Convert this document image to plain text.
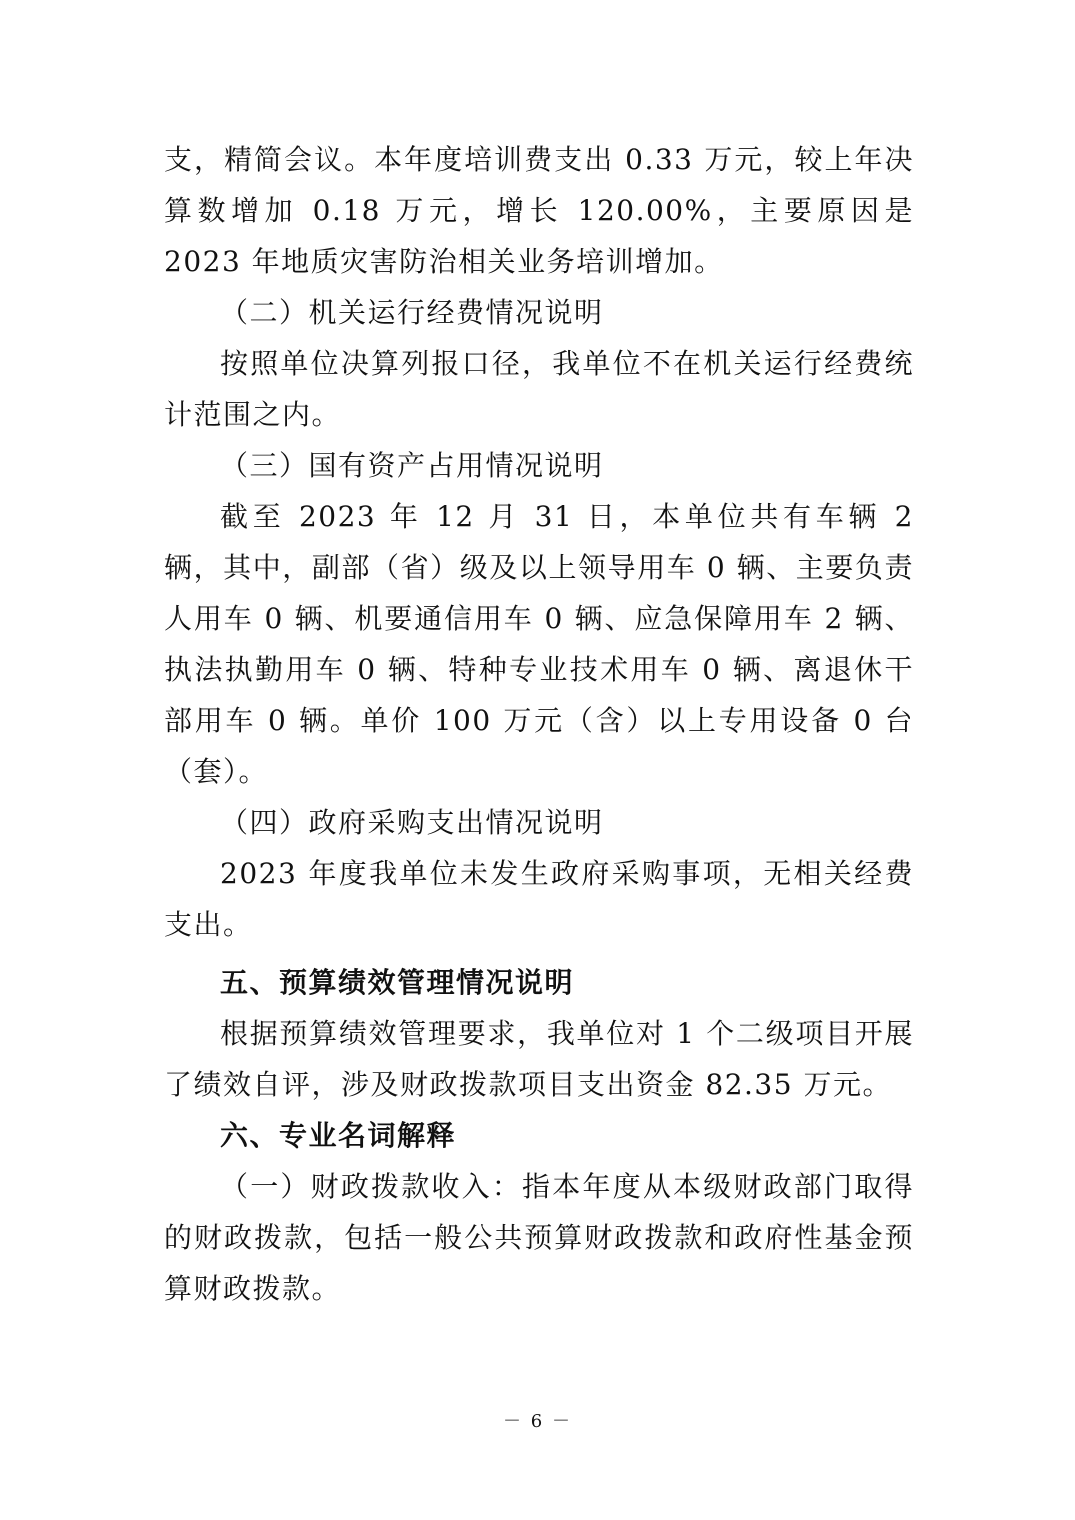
支，精简会议。本年度培训费支出 0.33 万元，较上年决算数增加 0.18 万元，增长 120.00%，主要原因是 2023 年地质灾害防治相关业务培训增加。

（二）机关运行经费情况说明

按照单位决算列报口径，我单位不在机关运行经费统计范围之内。

（三）国有资产占用情况说明

截至 2023 年 12 月 31 日，本单位共有车辆 2 辆，其中，副部（省）级及以上领导用车 0 辆、主要负责人用车 0 辆、机要通信用车 0 辆、应急保障用车 2 辆、执法执勤用车 0 辆、特种专业技术用车 0 辆、离退休干部用车 0 辆。单价 100 万元（含）以上专用设备 0 台（套）。

（四）政府采购支出情况说明

2023 年度我单位未发生政府采购事项，无相关经费支出。

五、预算绩效管理情况说明

根据预算绩效管理要求，我单位对 1 个二级项目开展了绩效自评，涉及财政拨款项目支出资金 82.35 万元。

六、专业名词解释

（一）财政拨款收入：指本年度从本级财政部门取得的财政拨款，包括一般公共预算财政拨款和政府性基金预算财政拨款。

－ 6 －
